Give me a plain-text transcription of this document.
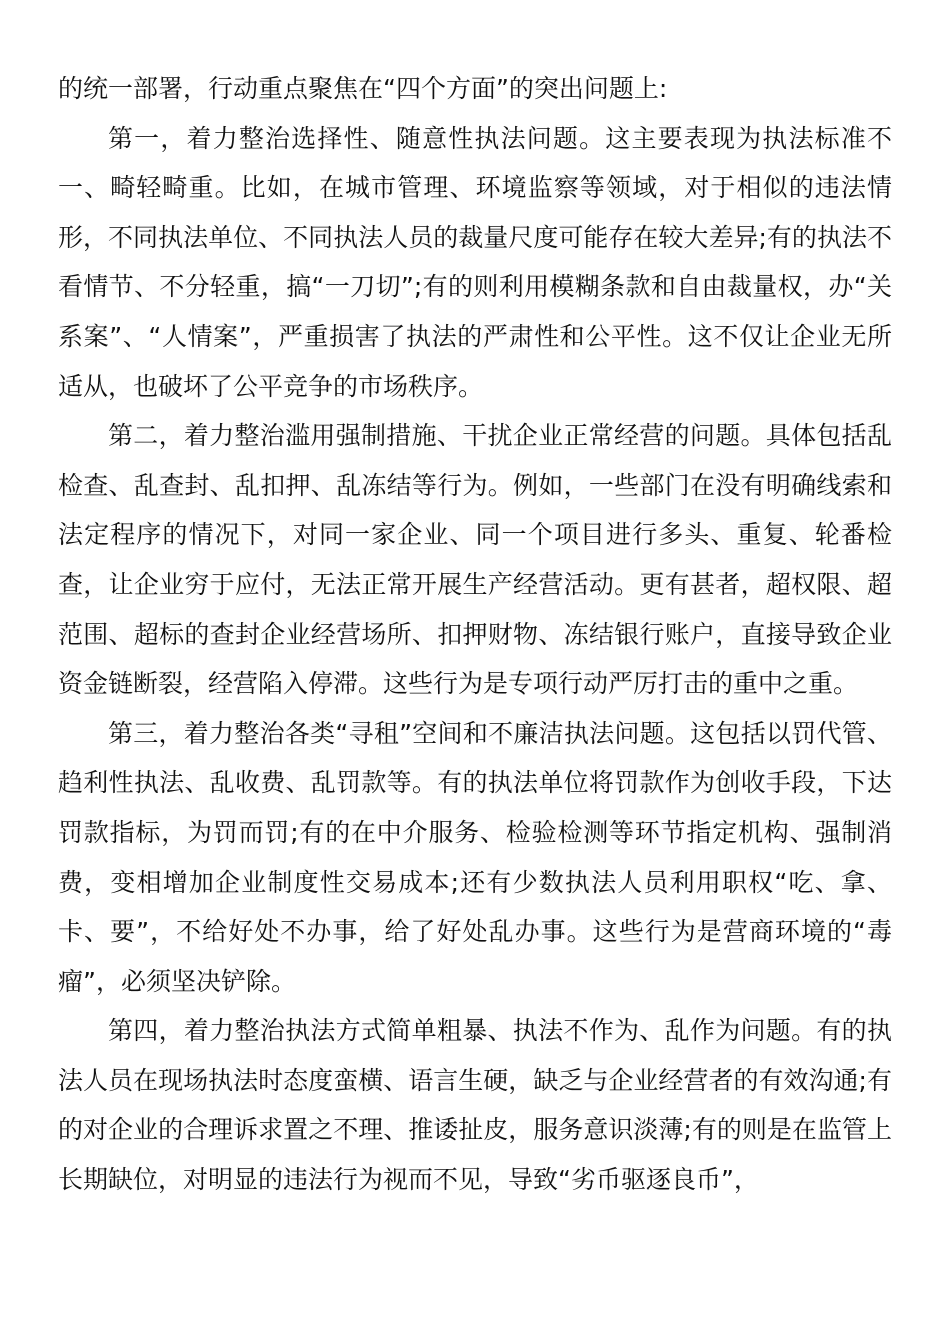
的统一部署，行动重点聚焦在“四个方面”的突出问题上:

第一，着力整治选择性、随意性执法问题。这主要表现为执法标准不一、畸轻畸重。比如，在城市管理、环境监察等领域，对于相似的违法情形，不同执法单位、不同执法人员的裁量尺度可能存在较大差异;有的执法不看情节、不分轻重，搞“一刀切”;有的则利用模糊条款和自由裁量权，办“关系案”、“人情案”，严重损害了执法的严肃性和公平性。这不仅让企业无所适从，也破坏了公平竞争的市场秩序。

第二，着力整治滥用强制措施、干扰企业正常经营的问题。具体包括乱检查、乱查封、乱扣押、乱冻结等行为。例如，一些部门在没有明确线索和法定程序的情况下，对同一家企业、同一个项目进行多头、重复、轮番检查，让企业穷于应付，无法正常开展生产经营活动。更有甚者，超权限、超范围、超标的查封企业经营场所、扣押财物、冻结银行账户，直接导致企业资金链断裂，经营陷入停滞。这些行为是专项行动严厉打击的重中之重。

第三，着力整治各类“寻租”空间和不廉洁执法问题。这包括以罚代管、趋利性执法、乱收费、乱罚款等。有的执法单位将罚款作为创收手段，下达罚款指标，为罚而罚;有的在中介服务、检验检测等环节指定机构、强制消费，变相增加企业制度性交易成本;还有少数执法人员利用职权“吃、拿、卡、要”，不给好处不办事，给了好处乱办事。这些行为是营商环境的“毒瘤”，必须坚决铲除。

第四，着力整治执法方式简单粗暴、执法不作为、乱作为问题。有的执法人员在现场执法时态度蛮横、语言生硬，缺乏与企业经营者的有效沟通;有的对企业的合理诉求置之不理、推诿扯皮，服务意识淡薄;有的则是在监管上长期缺位，对明显的违法行为视而不见，导致“劣币驱逐良币”，
